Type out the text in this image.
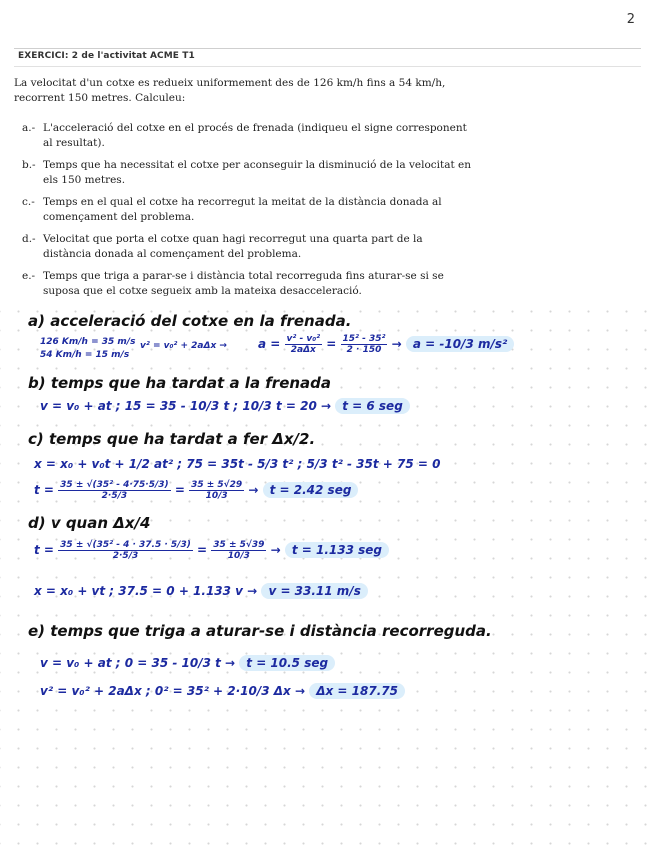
2
EXERCICI: 2 de l'activitat ACME T1
La velocitat d'un cotxe es redueix uniformement des de 126 km/h fins a 54 km/h, recorrent 150 metres. Calculeu:
a.- L'acceleració del cotxe en el procés de frenada (indiqueu el signe corresponent al resultat).
b.- Temps que ha necessitat el cotxe per aconseguir la disminució de la velocitat en els 150 metres.
c.- Temps en el qual el cotxe ha recorregut la meitat de la distància donada al començament del problema.
d.- Velocitat que porta el cotxe quan hagi recorregut una quarta part de la distància donada al començament del problema.
e.- Temps que triga a parar-se i distància total recorreguda fins aturar-se si se suposa que el cotxe segueix amb la mateixa desacceleració.
a) acceleració del cotxe en la frenada.
126 Km/h = 35 m/s
54 Km/h = 15 m/s
v² = v₀² + 2aΔx →	$a = \frac{\text{v² - v₀²}}{\text{2aΔx}} = \frac{\text{15² - 35²}}{2 \cdot 150} \to a = -10/3$ m/s²
b) temps que ha tardat a la frenada
v = v₀ + at ; 15 = 35 - 10/3 t ; 10/3 t = 20 → t = 6 seg
c) temps que ha tardat a fer Δx/2.
x = x₀ + v₀t + 1/2 at² ; 75 = 35t - 5/3 t² ; 5/3 t² - 35t + 75 = 0
$t = \frac{\text{35 ± √(35² - 4·75·5/3)}}{2\cdot 5/3} = \frac{35 \pm 5√29}{10/3} \to t = 2.42$ seg
d) v quan Δx/4
$t = \frac{\text{35 ± √(35² - 4 · 37.5 · 5/3)}}{2\cdot 5/3} = \frac{35 \pm 5√39}{10/3} \to t = 1.133$ seg
x = x₀ + vt ; 37.5 = 0 + 1.133 v → v = 33.11 m/s
e) temps que triga a aturar-se i distància recorreguda.
v = v₀ + at ; 0 = 35 - 10/3 t → t = 10.5 seg
v² = v₀² + 2aΔx ; 0² = 35² + 2·10/3 Δx → Δx = 187.75
